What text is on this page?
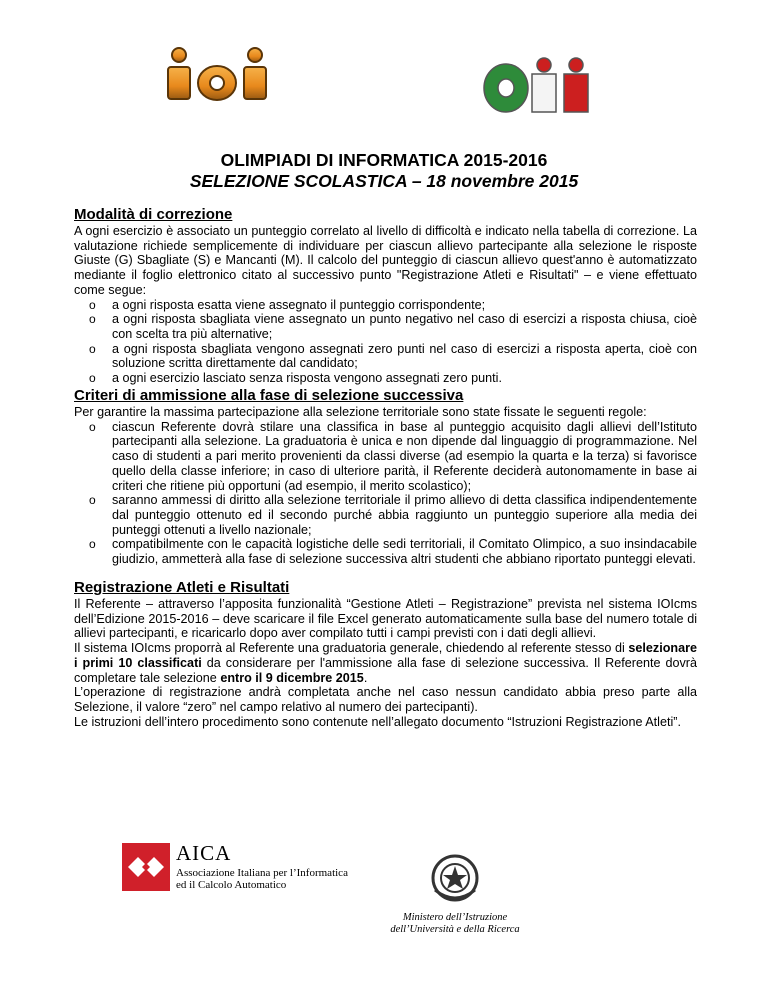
OLIMPIADI DI INFORMATICA 2015-2016
SELEZIONE SCOLASTICA – 18 novembre 2015
Modalità di correzione

A ogni esercizio è associato un punteggio correlato al livello di difficoltà e indicato nella tabella di correzione. La valutazione richiede semplicemente di individuare per ciascun allievo partecipante alla selezione le risposte Giuste (G) Sbagliate (S) e Mancanti (M). Il calcolo del punteggio di ciascun allievo quest'anno è automatizzato mediante il foglio elettronico citato al successivo punto "Registrazione Atleti e Risultati" – e viene effettuato come segue:

o a ogni risposta esatta viene assegnato il punteggio corrispondente;
o a ogni risposta sbagliata viene assegnato un punto negativo nel caso di esercizi a risposta chiusa, cioè con scelta tra più alternative;
o a ogni risposta sbagliata vengono assegnati zero punti nel caso di esercizi a risposta aperta, cioè con soluzione scritta direttamente dal candidato;
o a ogni esercizio lasciato senza risposta vengono assegnati zero punti.
Criteri di ammissione alla fase di selezione successiva

Per garantire la massima partecipazione alla selezione territoriale sono state fissate le seguenti regole:

o ciascun Referente dovrà stilare una classifica in base al punteggio acquisito dagli allievi dell’Istituto partecipanti alla selezione. La graduatoria è unica e non dipende dal linguaggio di programmazione. Nel caso di studenti a pari merito provenienti da classi diverse (ad esempio la quarta e la terza) si favorisce quello della classe inferiore; in caso di ulteriore parità, il Referente deciderà autonomamente in base ai criteri che ritiene più opportuni (ad esempio, il merito scolastico);
o saranno ammessi di diritto alla selezione territoriale il primo allievo di detta classifica indipendentemente dal punteggio ottenuto ed il secondo purché abbia raggiunto un punteggio superiore alla media dei punteggi ottenuti a livello nazionale;
o compatibilmente con le capacità logistiche delle sedi territoriali, il Comitato Olimpico, a suo insindacabile giudizio, ammetterà alla fase di selezione successiva altri studenti che abbiano riportato punteggi elevati.
Registrazione Atleti e Risultati

Il Referente – attraverso l’apposita funzionalità “Gestione Atleti – Registrazione” prevista nel sistema IOIcms dell’Edizione 2015-2016 – deve scaricare il file Excel generato automaticamente sulla base del numero totale di allievi partecipanti, e ricaricarlo dopo aver compilato tutti i campi previsti con i dati degli allievi.

Il sistema IOIcms proporrà al Referente una graduatoria generale, chiedendo al referente stesso di selezionare i primi 10 classificati da considerare per l'ammissione alla fase di selezione successiva. Il Referente dovrà completare tale selezione entro il 9 dicembre 2015.

L’operazione di registrazione andrà completata anche nel caso nessun candidato abbia preso parte alla Selezione, il valore “zero” nel campo relativo al numero dei partecipanti).

Le istruzioni dell’intero procedimento sono contenute nell’allegato documento “Istruzioni Registrazione Atleti”.

AICA
Associazione Italiana per l’Informatica
ed il Calcolo Automatico
Ministero dell’Istruzione
dell’Università e della Ricerca
